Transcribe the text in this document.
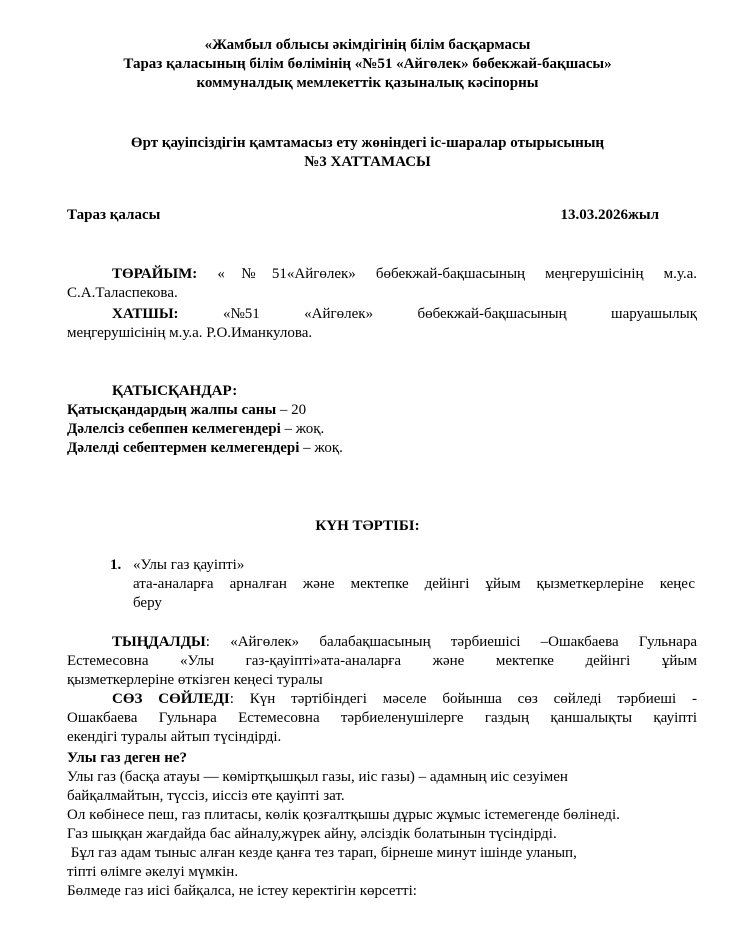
«Жамбыл облысы әкімдігінің білім басқармасы
Тараз қаласының білім бөлімінің «№51 «Айгөлек» бөбекжай-бақшасы»
коммуналдық мемлекеттік қазыналық кәсіпорны
Өрт қауіпсіздігін қамтамасыз ету жөніндегі іс-шаралар отырысының
№3 ХАТТАМАСЫ
Тараз қаласы	13.03.2026жыл
ТӨРАЙЫМ: «№51«Айгөлек» бөбекжай-бақшасының меңгерушісінің м.у.а.
С.А.Таласпекова.
ХАТШЫ:	«№51	«Айгөлек»	бөбекжай-бақшасының	шаруашылық
меңгерушісінің м.у.а. Р.О.Иманкулова.
ҚАТЫСҚАНДАР:
Қатысқандардың жалпы саны – 20
Дәлелсіз себеппен келмегендері – жоқ.
Дәлелді себептермен келмегендері – жоқ.
КҮН ТӘРТІБІ:
1. «Улы газ қауіпті»
ата-аналарға арналған және мектепке дейінгі ұйым қызметкерлеріне кеңес
беру
ТЫҢДАЛДЫ: «Айгөлек» балабақшасының тәрбиешісі –Ошакбаева Гульнара
Естемесовна «Улы газ-қауіпті»ата-аналарға және мектепке дейінгі ұйым
қызметкерлеріне өткізген кеңесі туралы
СӨЗ СӨЙЛЕДІ: Күн тәртібіндегі мәселе бойынша сөз сөйледі тәрбиеші -
Ошакбаева Гульнара Естемесовна тәрбиеленушілерге газдың қаншалықты қауіпті
екендігі туралы айтып түсіндірді.
Улы газ деген не?
Улы газ (басқа атауы — көміртқышқыл газы, иіс газы) – адамның иіс сезуімен
байқалмайтын, түссіз, иіссіз өте қауіпті зат.
Ол көбінесе пеш, газ плитасы, көлік қозғалтқышы дұрыс жұмыс істемегенде бөлінеді.
Газ шыққан жағдайда бас айналу,жүрек айну, әлсіздік болатынын түсіндірді.
Бұл газ адам тыныс алған кезде қанға тез тарап, бірнеше минут ішінде уланып,
тіпті өлімге әкелуі мүмкін.
Бөлмеде газ иісі байқалса, не істеу керектігін көрсетті:
